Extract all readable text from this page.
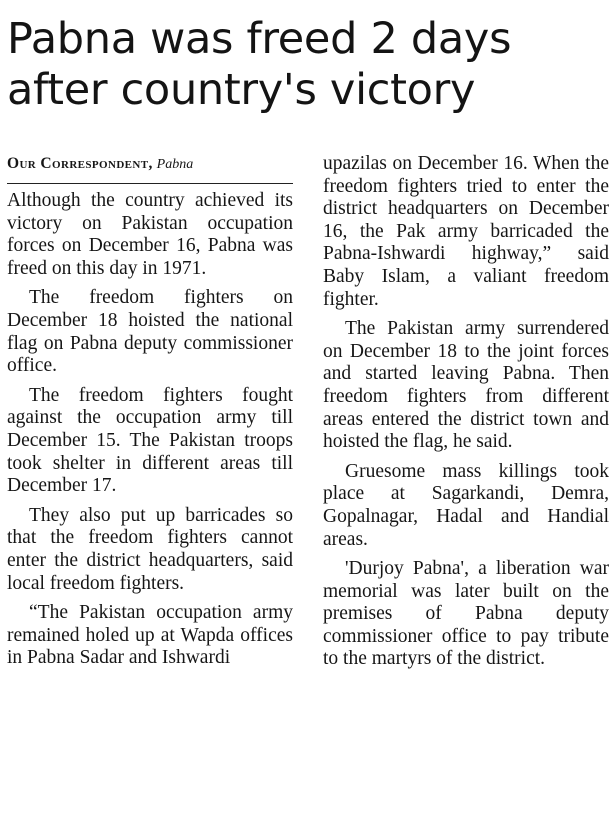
Pabna was freed 2 days
after country's victory
Our Correspondent, Pabna

Although the country achieved its victory on Pakistan occupation forces on December 16, Pabna was freed on this day in 1971.

The freedom fighters on December 18 hoisted the national flag on Pabna deputy commissioner office.

The freedom fighters fought against the occupation army till December 15. The Pakistan troops took shelter in different areas till December 17.

They also put up barricades so that the freedom fighters cannot enter the district headquarters, said local freedom fighters.

“The Pakistan occupation army remained holed up at Wapda offices in Pabna Sadar and Ishwardi

upazilas on December 16. When the freedom fighters tried to enter the district headquarters on December 16, the Pak army barricaded the Pabna-Ishwardi highway,” said Baby Islam, a valiant freedom fighter.

The Pakistan army surrendered on December 18 to the joint forces and started leaving Pabna. Then freedom fighters from different areas entered the district town and hoisted the flag, he said.

Gruesome mass killings took place at Sagarkandi, Demra, Gopalnagar, Hadal and Handial areas.

'Durjoy Pabna', a liberation war memorial was later built on the premises of Pabna deputy commissioner office to pay tribute to the martyrs of the district.
